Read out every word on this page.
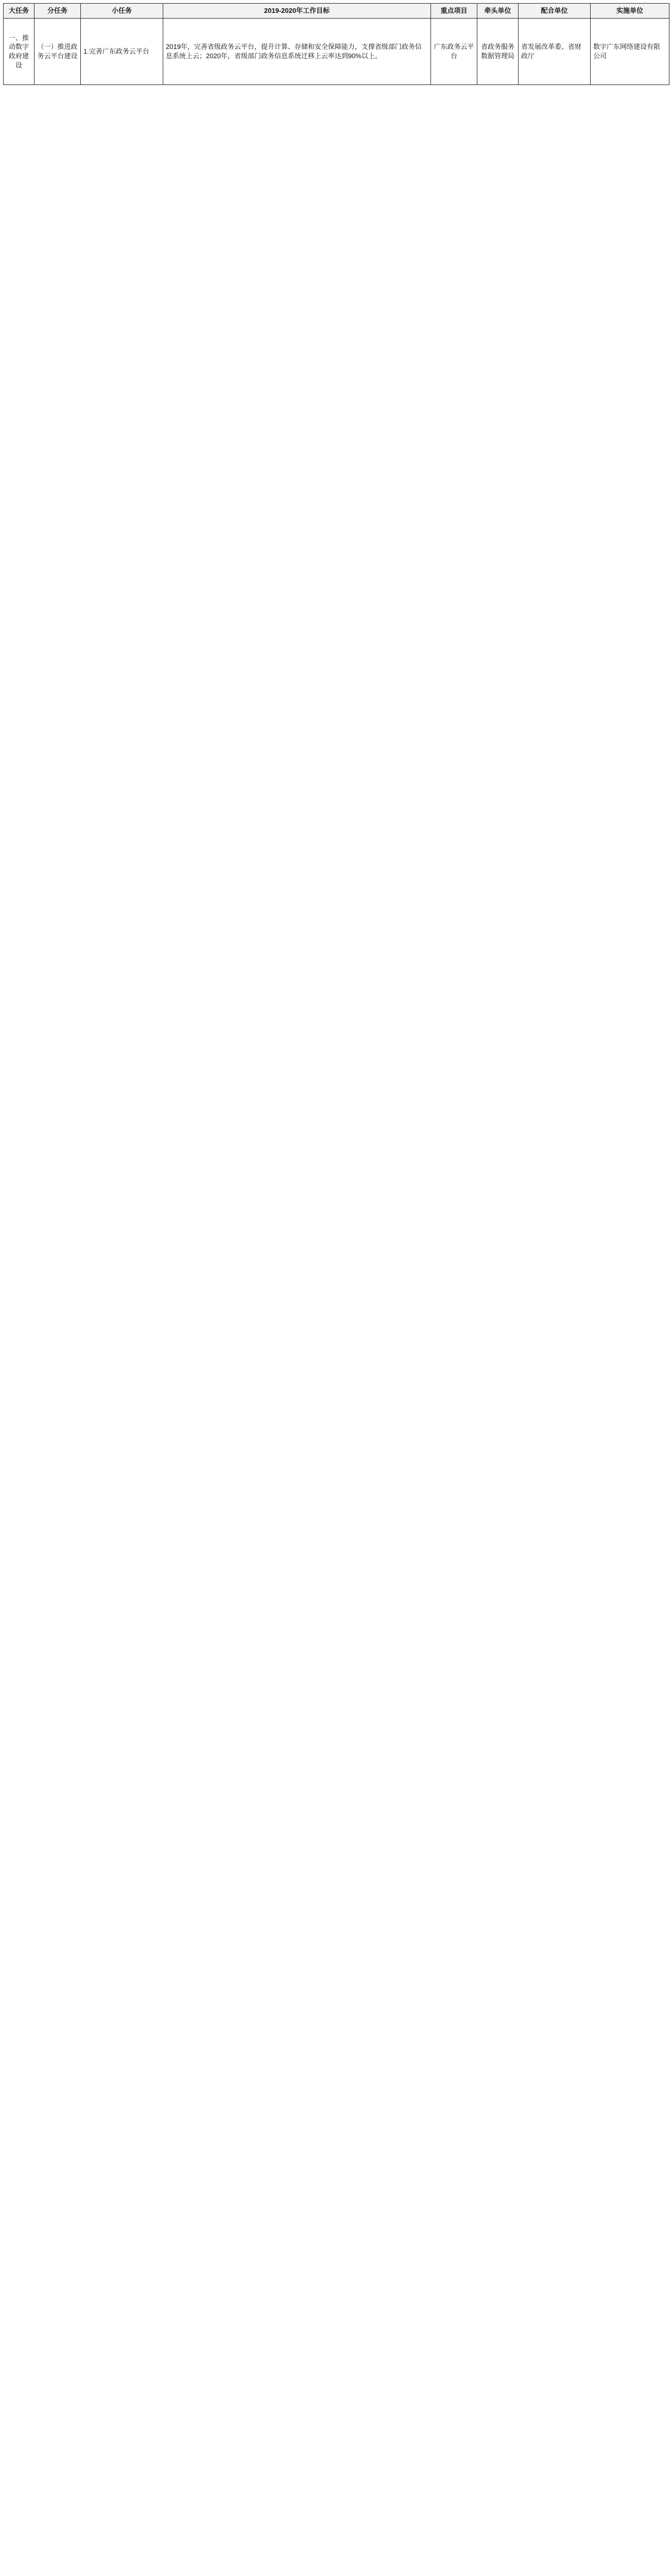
大任务	分任务	小任务	2019-2020年工作目标	重点项目	牵头单位	配合单位	实施单位
一、推动数字政府建设	（一）推进政务云平台建设	1.完善广东政务云平台	2019年，完善省级政务云平台，提升计算、存储和安全保障能力，支撑省级部门政务信息系统上云；2020年，省级部门政务信息系统迁移上云率达到90%以上。	广东政务云平台	省政务服务数据管理局	省发展改革委、省财政厅	数字广东网络建设有限公司
